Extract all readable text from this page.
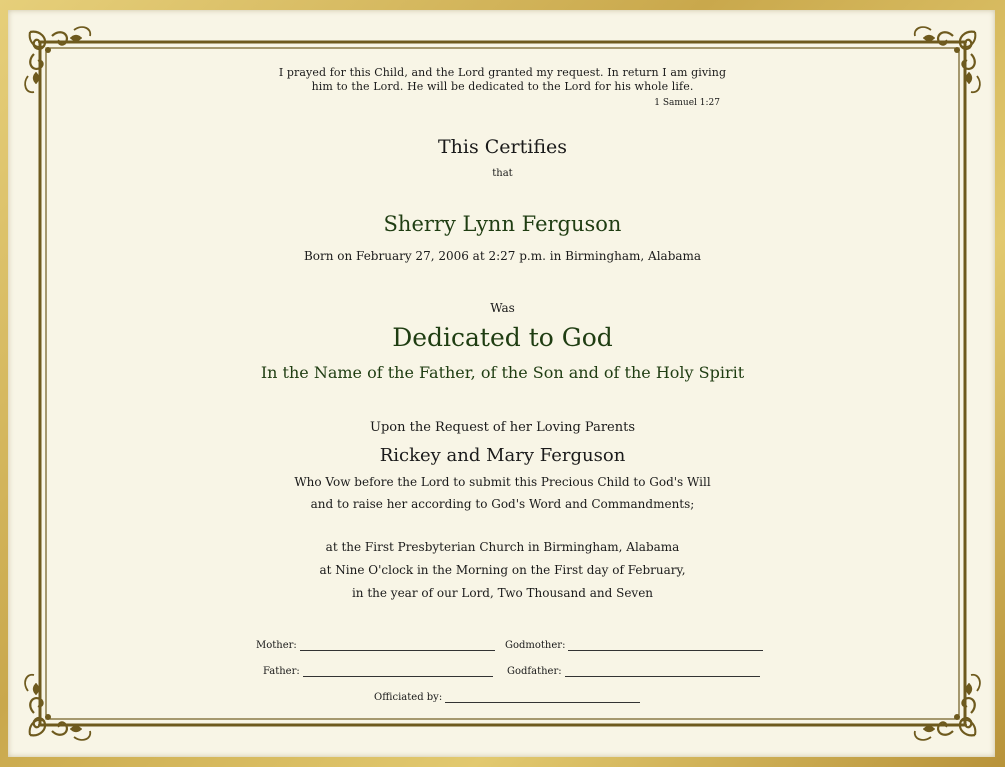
I prayed for this Child, and the Lord granted my request. In return I am giving
him to the Lord. He will be dedicated to the Lord for his whole life.
1 Samuel 1:27
This Certifies
that
Sherry Lynn Ferguson
Born on February 27, 2006 at 2:27 p.m. in Birmingham, Alabama
Was
Dedicated to God
In the Name of the Father, of the Son and of the Holy Spirit
Upon the Request of her Loving Parents
Rickey and Mary Ferguson
Who Vow before the Lord to submit this Precious Child to God's Will
and to raise her according to God's Word and Commandments;
at the First Presbyterian Church in Birmingham, Alabama
at Nine O'clock in the Morning on the First day of February,
in the year of our Lord, Two Thousand and Seven
Mother:	Godmother:
Father:	Godfather:
Officiated by:
